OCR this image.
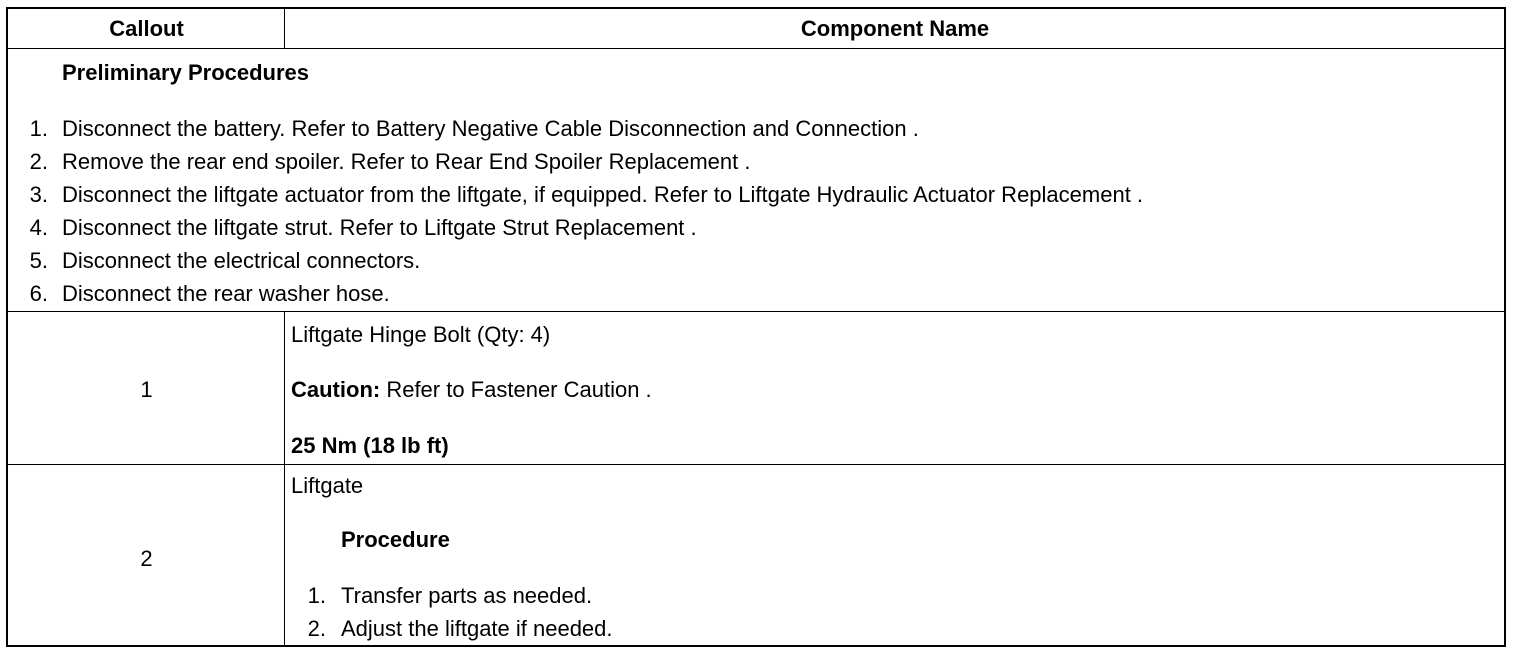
Callout	Component Name
Preliminary Procedures
1. Disconnect the battery. Refer to Battery Negative Cable Disconnection and Connection .
2. Remove the rear end spoiler. Refer to Rear End Spoiler Replacement .
3. Disconnect the liftgate actuator from the liftgate, if equipped. Refer to Liftgate Hydraulic Actuator Replacement .
4. Disconnect the liftgate strut. Refer to Liftgate Strut Replacement .
5. Disconnect the electrical connectors.
6. Disconnect the rear washer hose.
1
Liftgate Hinge Bolt (Qty: 4)
Caution: Refer to Fastener Caution .
25 Nm (18 lb ft)
2
Liftgate
Procedure
1. Transfer parts as needed.
2. Adjust the liftgate if needed.
